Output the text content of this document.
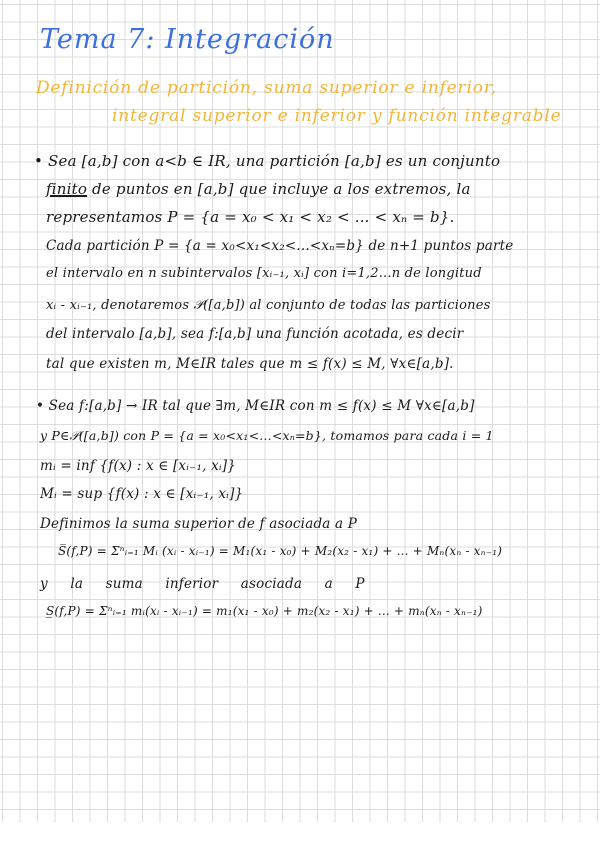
Tema 7: Integración
Definición de partición, suma superior e inferior,
integral superior e inferior y función integrable
• Sea [a,b] con a<b ∈ IR, una partición [a,b] es un conjunto
finito de puntos en [a,b] que incluye a los extremos, la
representamos P = {a = x₀ < x₁ < x₂ < ... < xₙ = b}.
Cada partición P = {a = x₀<x₁<x₂<...<xₙ=b} de n+1 puntos parte
el intervalo en n subintervalos [xᵢ₋₁, xᵢ] con i=1,2...n de longitud
xᵢ - xᵢ₋₁, denotaremos 𝒫([a,b]) al conjunto de todas las particiones
del intervalo [a,b], sea f:[a,b] una función acotada, es decir
tal que existen m, M∈IR tales que m ≤ f(x) ≤ M, ∀x∈[a,b].
• Sea f:[a,b] → IR tal que ∃m, M∈IR con m ≤ f(x) ≤ M ∀x∈[a,b]
y P∈𝒫([a,b]) con P = {a = x₀<x₁<...<xₙ=b}, tomamos para cada i = 1
mᵢ = inf {f(x) : x ∈ [xᵢ₋₁, xᵢ]}
Mᵢ = sup {f(x) : x ∈ [xᵢ₋₁, xᵢ]}
Definimos la suma superior de f asociada a P
S̅(f,P) = Σⁿᵢ₌₁ Mᵢ (xᵢ - xᵢ₋₁) = M₁(x₁ - x₀) + M₂(x₂ - x₁) + ... + Mₙ(xₙ - xₙ₋₁)
y la suma inferior asociada a P
S̲(f,P) = Σⁿᵢ₌₁ mᵢ(xᵢ - xᵢ₋₁) = m₁(x₁ - x₀) + m₂(x₂ - x₁) + ... + mₙ(xₙ - xₙ₋₁)
